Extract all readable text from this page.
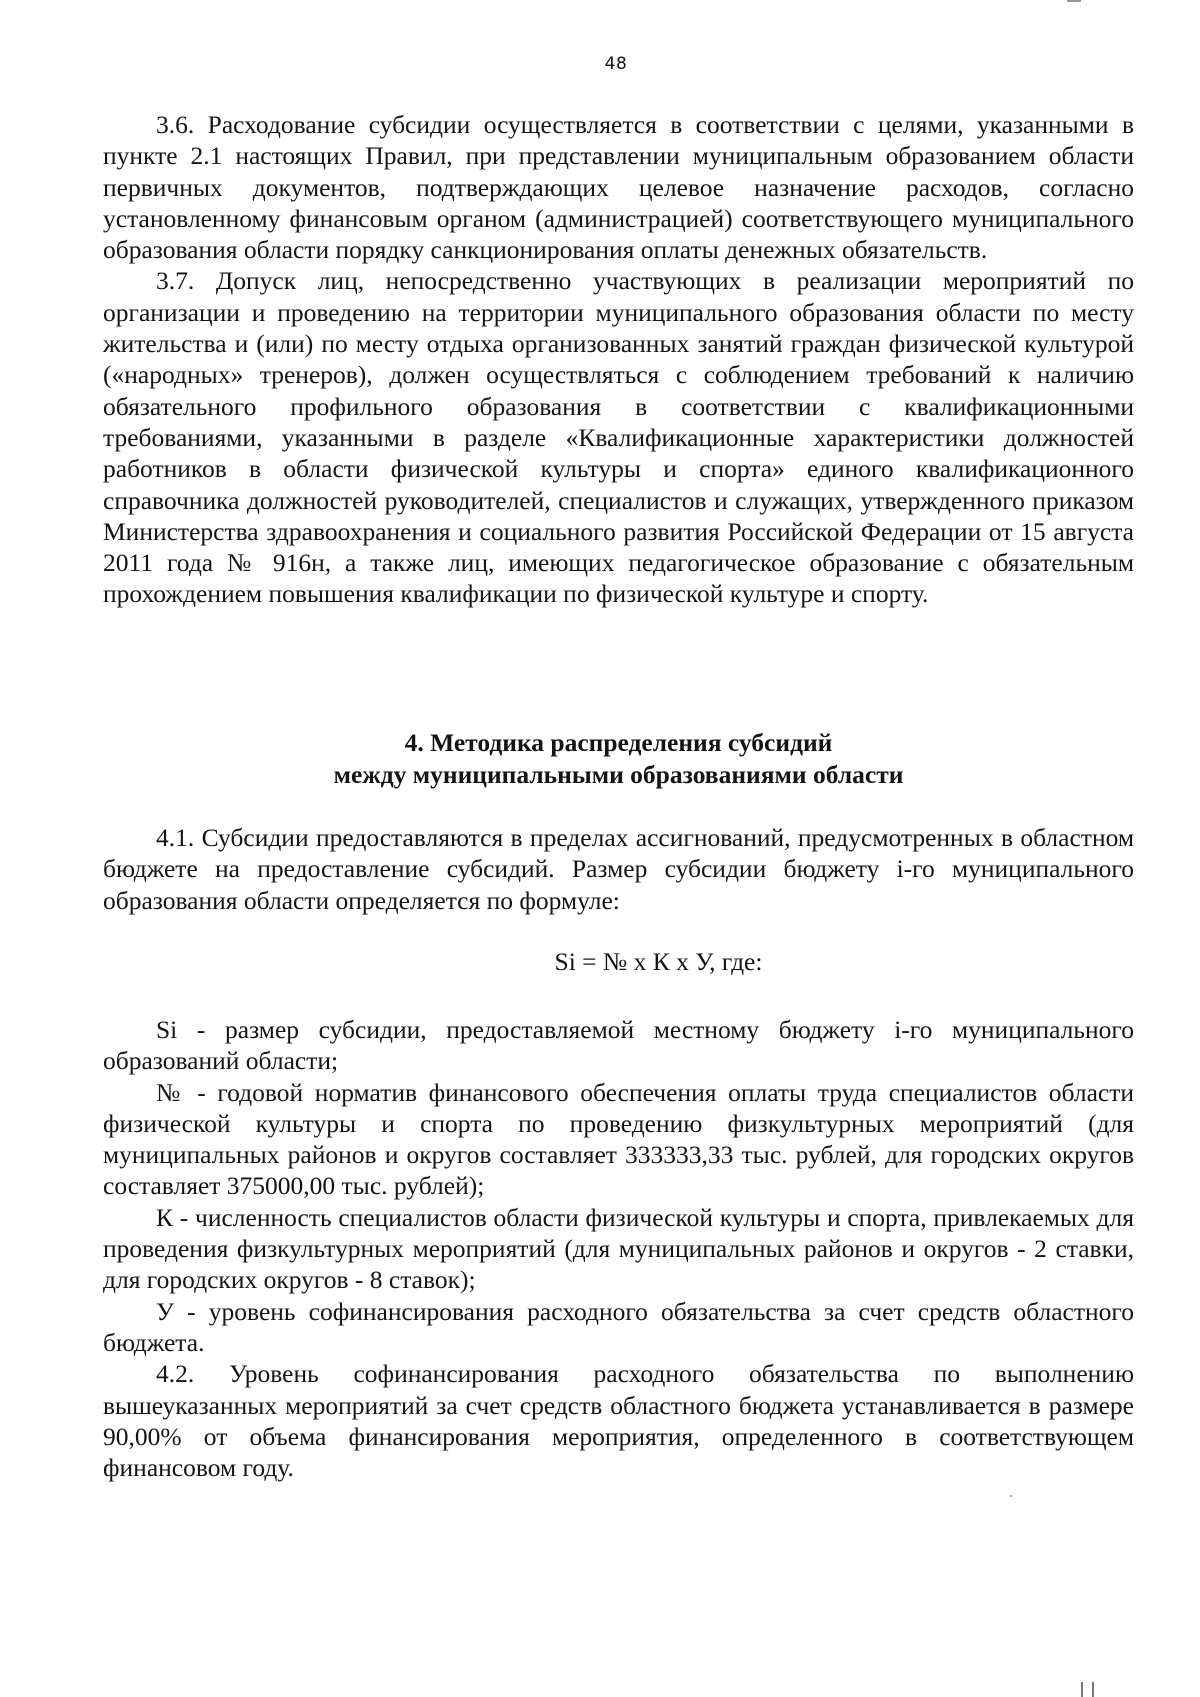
48

3.6. Расходование субсидии осуществляется в соответствии с целями, указанными в пункте 2.1 настоящих Правил, при представлении муниципальным образованием области первичных документов, подтверждающих целевое назначение расходов, согласно установленному финансовым органом (администрацией) соответствующего муниципального образования области порядку санкционирования оплаты денежных обязательств.

3.7. Допуск лиц, непосредственно участвующих в реализации мероприятий по организации и проведению на территории муниципального образования области по месту жительства и (или) по месту отдыха организованных занятий граждан физической культурой («народных» тренеров), должен осуществляться с соблюдением требований к наличию обязательного профильного образования в соответствии с квалификационными требованиями, указанными в разделе «Квалификационные характеристики должностей работников в области физической культуры и спорта» единого квалификационного справочника должностей руководителей, специалистов и служащих, утвержденного приказом Министерства здравоохранения и социального развития Российской Федерации от 15 августа 2011 года № 916н, а также лиц, имеющих педагогическое образование с обязательным прохождением повышения квалификации по физической культуре и спорту.

4. Методика распределения субсидий
между муниципальными образованиями области

4.1. Субсидии предоставляются в пределах ассигнований, предусмотренных в областном бюджете на предоставление субсидий. Размер субсидии бюджету i-го муниципального образования области определяется по формуле:

Si = № x К x У, где:

Si - размер субсидии, предоставляемой местному бюджету i-го муниципального образований области;

№ - годовой норматив финансового обеспечения оплаты труда специалистов области физической культуры и спорта по проведению физкультурных мероприятий (для муниципальных районов и округов составляет 333333,33 тыс. рублей, для городских округов составляет 375000,00 тыс. рублей);

К - численность специалистов области физической культуры и спорта, привлекаемых для проведения физкультурных мероприятий (для муниципальных районов и округов - 2 ставки, для городских округов - 8 ставок);

У - уровень софинансирования расходного обязательства за счет средств областного бюджета.

4.2. Уровень софинансирования расходного обязательства по выполнению вышеуказанных мероприятий за счет средств областного бюджета устанавливается в размере 90,00% от объема финансирования мероприятия, определенного в соответствующем финансовом году.
